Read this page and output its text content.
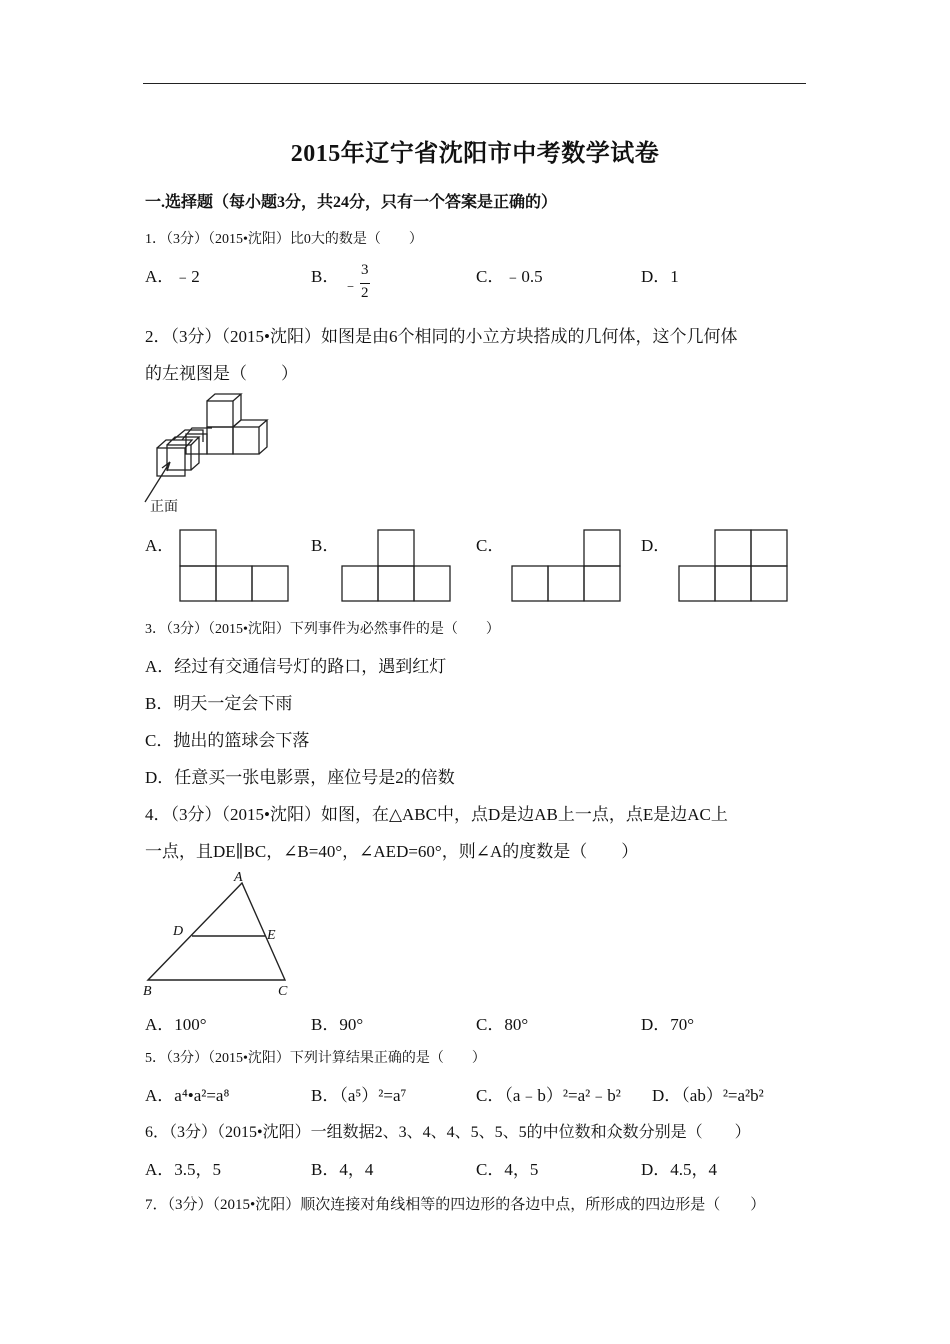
2015年辽宁省沈阳市中考数学试卷
一.选择题（每小题3分，共24分，只有一个答案是正确的）
1．（3分）（2015•沈阳）比0大的数是（　　）
A．﹣2	B． ﹣
3
2
C．﹣0.5	D．1
2．（3分）（2015•沈阳）如图是由6个相同的小立方块搭成的几何体，这个几何体
的左视图是（　　）
正面
A．	B．	C．	D．
3．（3分）（2015•沈阳）下列事件为必然事件的是（　　）
A．经过有交通信号灯的路口，遇到红灯
B．明天一定会下雨
C．抛出的篮球会下落
D．任意买一张电影票，座位号是2的倍数
4．（3分）（2015•沈阳）如图，在△ABC中，点D是边AB上一点，点E是边AC上
一点，且DE∥BC，∠B=40°，∠AED=60°，则∠A的度数是（　　）
A
D	E
B	C
A．100°	B．90°	C．80°	D．70°
5．（3分）（2015•沈阳）下列计算结果正确的是（　　）
A．a⁴•a²=a⁸	B．（a⁵）²=a⁷	C．（a﹣b）²=a²﹣b² D．（ab）²=a²b²
6．（3分）（2015•沈阳）一组数据2、3、4、4、5、5、5的中位数和众数分别是（　　）
A．3.5，5	B．4，4	C．4，5	D．4.5，4
7．（3分）（2015•沈阳）顺次连接对角线相等的四边形的各边中点，所形成的四边形是（　　）
